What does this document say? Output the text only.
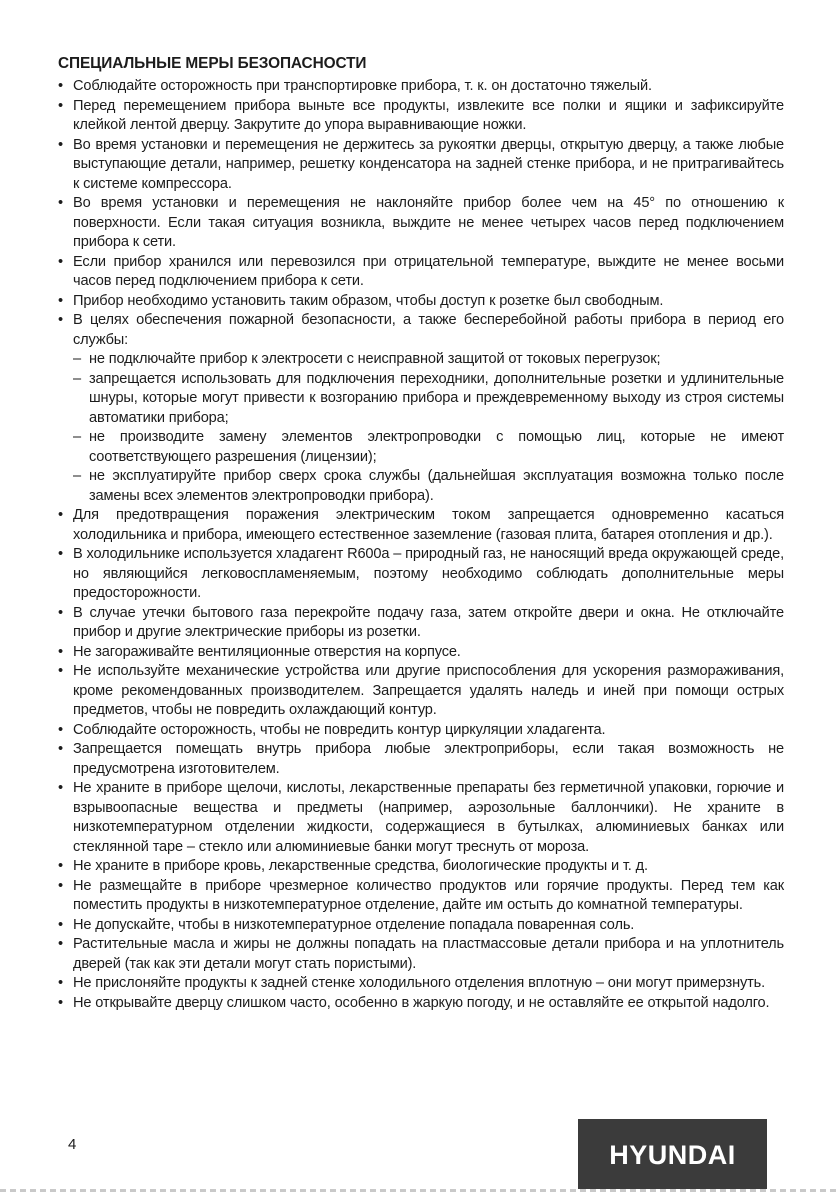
СПЕЦИАЛЬНЫЕ МЕРЫ БЕЗОПАСНОСТИ
• Соблюдайте осторожность при транспортировке прибора, т. к. он достаточно тяжелый.
• Перед перемещением прибора выньте все продукты, извлеките все полки и ящики и зафиксируйте клейкой лентой дверцу. Закрутите до упора выравнивающие ножки.
• Во время установки и перемещения не держитесь за рукоятки дверцы, открытую дверцу, а также любые выступающие детали, например, решетку конденсатора на задней стенке прибора, и не притрагивайтесь к системе компрессора.
• Во время установки и перемещения не наклоняйте прибор более чем на 45° по отношению к поверхности. Если такая ситуация возникла, выждите не менее четырех часов перед подключением прибора к сети.
• Если прибор хранился или перевозился при отрицательной температуре, выждите не менее восьми часов перед подключением прибора к сети.
• Прибор необходимо установить таким образом, чтобы доступ к розетке был свободным.
• В целях обеспечения пожарной безопасности, а также бесперебойной работы прибора в период его службы:
– не подключайте прибор к электросети с неисправной защитой от токовых перегрузок;
– запрещается использовать для подключения переходники, дополнительные розетки и удлинительные шнуры, которые могут привести к возгоранию прибора и преждевременному выходу из строя системы автоматики прибора;
– не производите замену элементов электропроводки с помощью лиц, которые не имеют соответствующего разрешения (лицензии);
– не эксплуатируйте прибор сверх срока службы (дальнейшая эксплуатация возможна только после замены всех элементов электропроводки прибора).
• Для предотвращения поражения электрическим током запрещается одновременно касаться холодильника и прибора, имеющего естественное заземление (газовая плита, батарея отопления и др.).
• В холодильнике используется хладагент R600a – природный газ, не наносящий вреда окружающей среде, но являющийся легковоспламеняемым, поэтому необходимо соблюдать дополнительные меры предосторожности.
• В случае утечки бытового газа перекройте подачу газа, затем откройте двери и окна. Не отключайте прибор и другие электрические приборы из розетки.
• Не загораживайте вентиляционные отверстия на корпусе.
• Не используйте механические устройства или другие приспособления для ускорения размораживания, кроме рекомендованных производителем. Запрещается удалять наледь и иней при помощи острых предметов, чтобы не повредить охлаждающий контур.
• Соблюдайте осторожность, чтобы не повредить контур циркуляции хладагента.
• Запрещается помещать внутрь прибора любые электроприборы, если такая возможность не предусмотрена изготовителем.
• Не храните в приборе щелочи, кислоты, лекарственные препараты без герметичной упаковки, горючие и взрывоопасные вещества и предметы (например, аэрозольные баллончики). Не храните в низкотемпературном отделении жидкости, содержащиеся в бутылках, алюминиевых банках или стеклянной таре – стекло или алюминиевые банки могут треснуть от мороза.
• Не храните в приборе кровь, лекарственные средства, биологические продукты и т. д.
• Не размещайте в приборе чрезмерное количество продуктов или горячие продукты. Перед тем как поместить продукты в низкотемпературное отделение, дайте им остыть до комнатной температуры.
• Не допускайте, чтобы в низкотемпературное отделение попадала поваренная соль.
• Растительные масла и жиры не должны попадать на пластмассовые детали прибора и на уплотнитель дверей (так как эти детали могут стать пористыми).
• Не прислоняйте продукты к задней стенке холодильного отделения вплотную – они могут примерзнуть.
• Не открывайте дверцу слишком часто, особенно в жаркую погоду, и не оставляйте ее открытой надолго.
4	HYUNDAI
